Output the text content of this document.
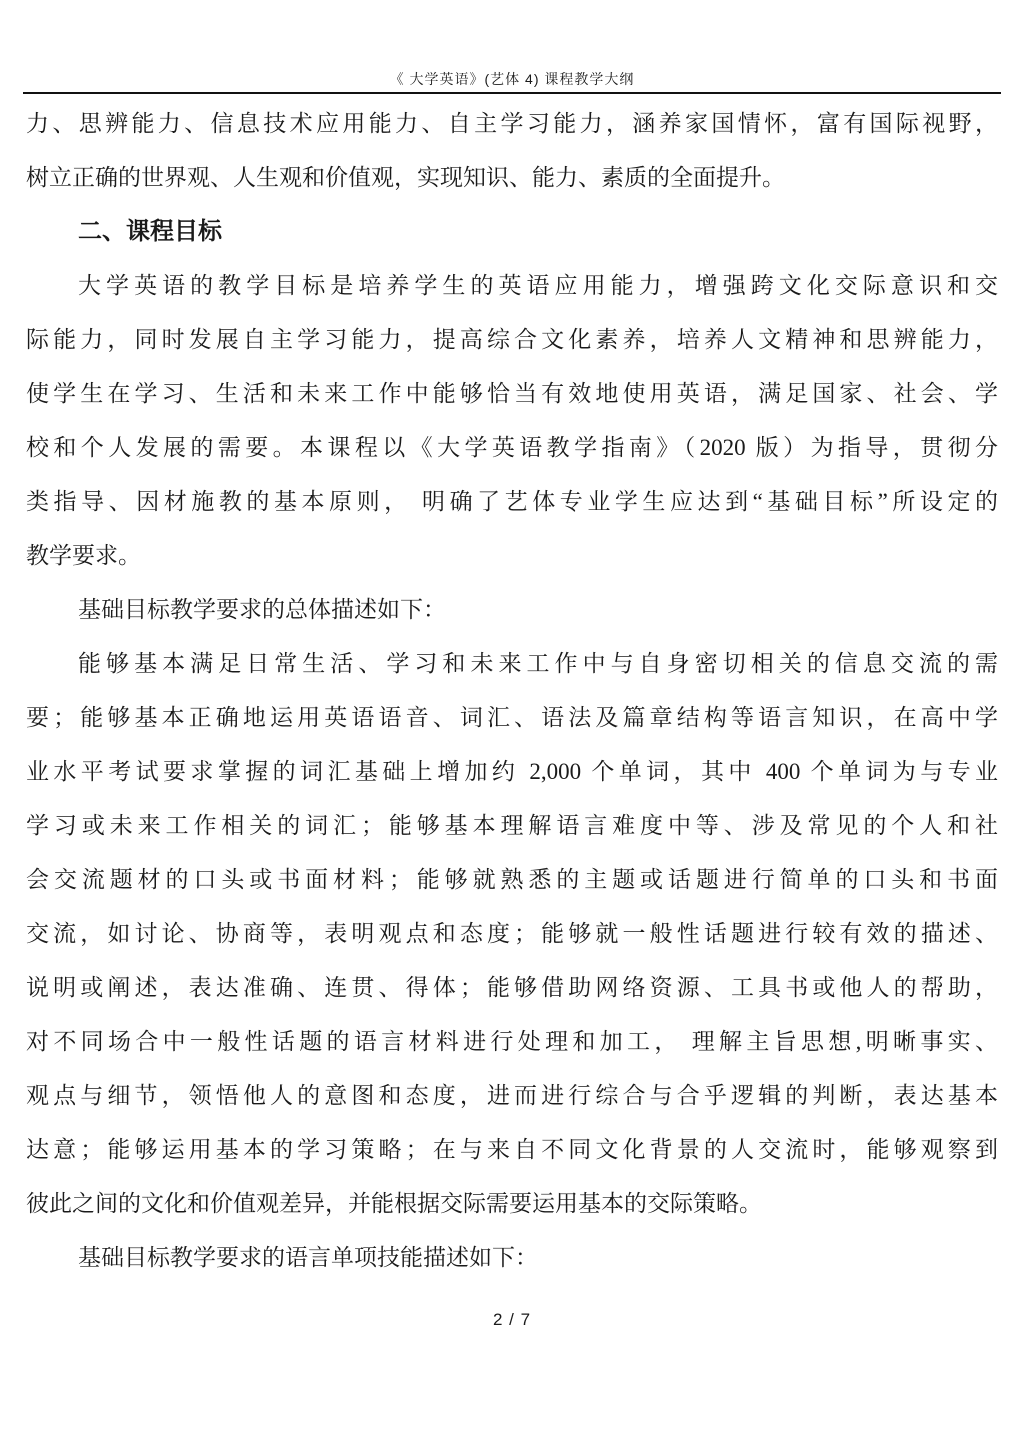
《 大学英语》(艺体 4) 课程教学大纲
力、思辨能力、信息技术应用能力、自主学习能力，涵养家国情怀，富有国际视野，
树立正确的世界观、人生观和价值观，实现知识、能力、素质的全面提升。
二、课程目标
大学英语的教学目标是培养学生的英语应用能力，增强跨文化交际意识和交
际能力，同时发展自主学习能力，提高综合文化素养，培养人文精神和思辨能力，
使学生在学习、生活和未来工作中能够恰当有效地使用英语，满足国家、社会、学
校和个人发展的需要。本课程以《大学英语教学指南》（2020 版）为指导，贯彻分
类指导、因材施教的基本原则， 明确了艺体专业学生应达到“基础目标”所设定的
教学要求。
基础目标教学要求的总体描述如下：
能够基本满足日常生活、学习和未来工作中与自身密切相关的信息交流的需
要；能够基本正确地运用英语语音、词汇、语法及篇章结构等语言知识，在高中学
业水平考试要求掌握的词汇基础上增加约 2,000 个单词，其中 400 个单词为与专业
学习或未来工作相关的词汇；能够基本理解语言难度中等、涉及常见的个人和社
会交流题材的口头或书面材料；能够就熟悉的主题或话题进行简单的口头和书面
交流，如讨论、协商等，表明观点和态度；能够就一般性话题进行较有效的描述、
说明或阐述，表达准确、连贯、得体；能够借助网络资源、工具书或他人的帮助，
对不同场合中一般性话题的语言材料进行处理和加工， 理解主旨思想,明晰事实、
观点与细节，领悟他人的意图和态度，进而进行综合与合乎逻辑的判断，表达基本
达意；能够运用基本的学习策略；在与来自不同文化背景的人交流时，能够观察到
彼此之间的文化和价值观差异，并能根据交际需要运用基本的交际策略。
基础目标教学要求的语言单项技能描述如下：
2 / 7
